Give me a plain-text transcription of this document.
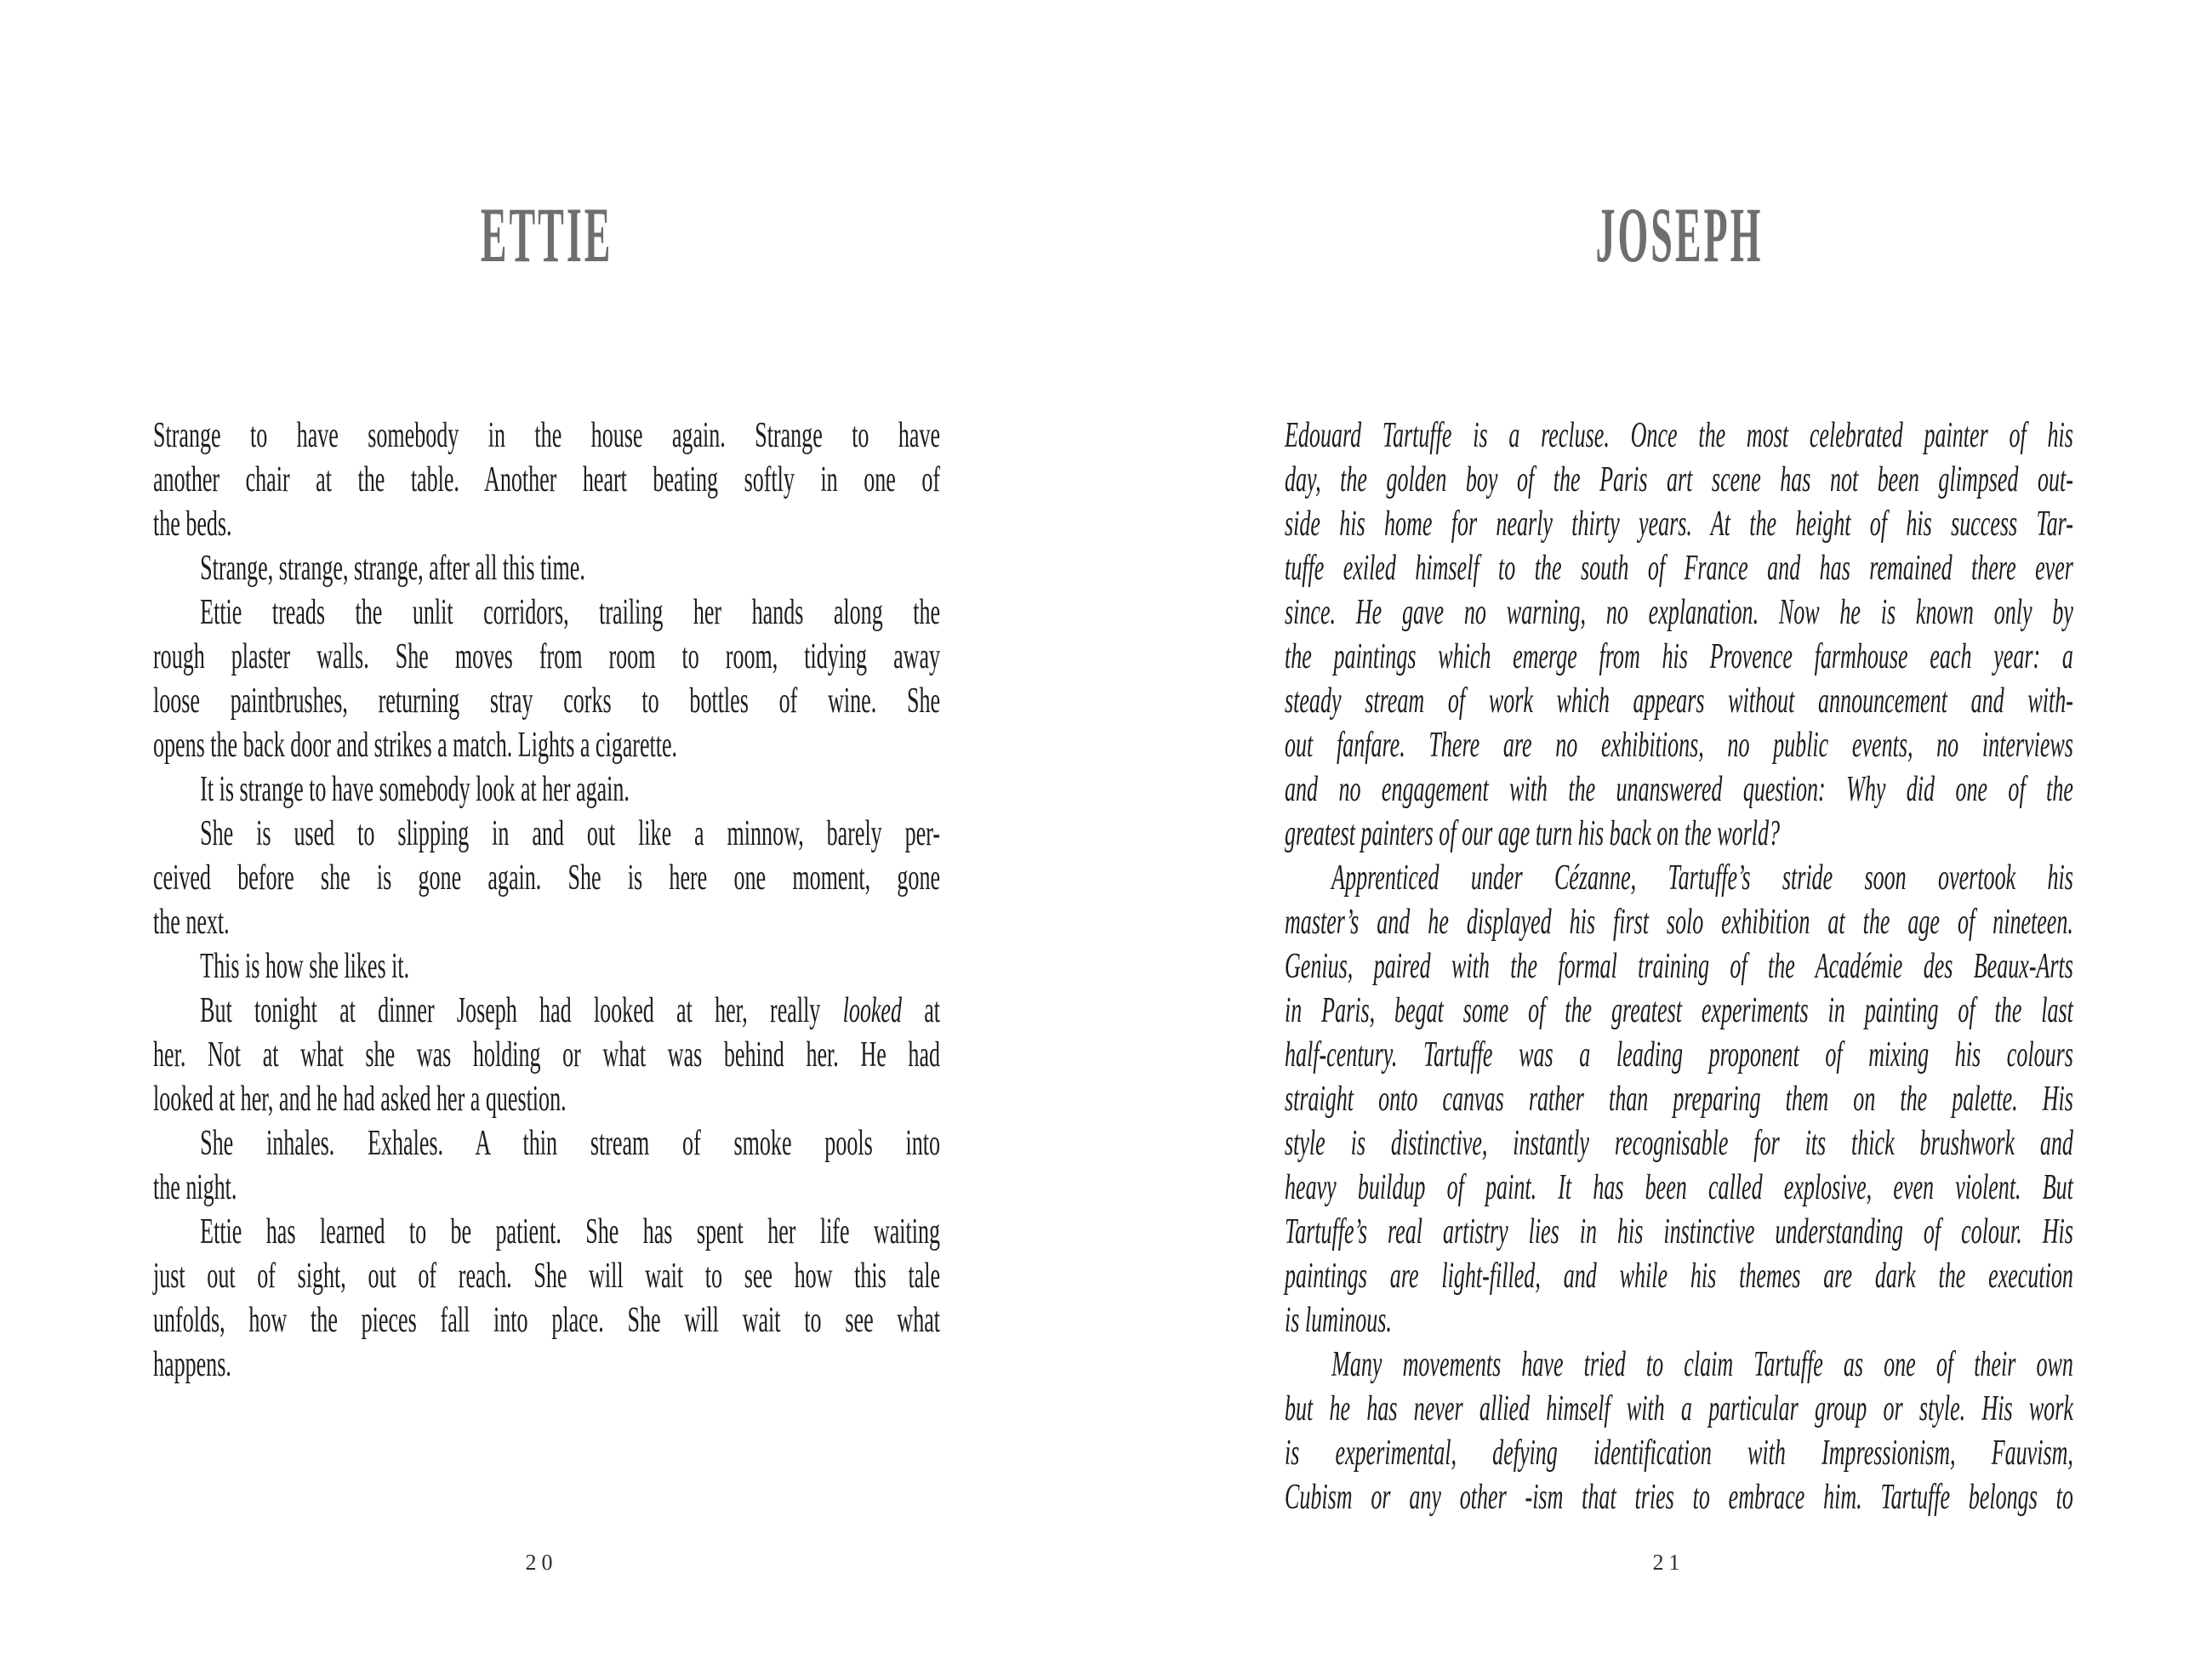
ETTIE
Strange to have somebody in the house again. Strange to have
another chair at the table. Another heart beating softly in one of
the beds.
Strange, strange, strange, after all this time.
Ettie treads the unlit corridors, trailing her hands along the
rough plaster walls. She moves from room to room, tidying away
loose paintbrushes, returning stray corks to bottles of wine. She
opens the back door and strikes a match. Lights a cigarette.
It is strange to have somebody look at her again.
She is used to slipping in and out like a minnow, barely per-
ceived before she is gone again. She is here one moment, gone
the next.
This is how she likes it.
But tonight at dinner Joseph had looked at her, really looked at
her. Not at what she was holding or what was behind her. He had
looked at her, and he had asked her a question.
She inhales. Exhales. A thin stream of smoke pools into
the night.
Ettie has learned to be patient. She has spent her life waiting
just out of sight, out of reach. She will wait to see how this tale
unfolds, how the pieces fall into place. She will wait to see what
happens.
20
JOSEPH
Edouard Tartuffe is a recluse. Once the most celebrated painter of his
day, the golden boy of the Paris art scene has not been glimpsed out-
side his home for nearly thirty years. At the height of his success Tar-
tuffe exiled himself to the south of France and has remained there ever
since. He gave no warning, no explanation. Now he is known only by
the paintings which emerge from his Provence farmhouse each year: a
steady stream of work which appears without announcement and with-
out fanfare. There are no exhibitions, no public events, no interviews
and no engagement with the unanswered question: Why did one of the
greatest painters of our age turn his back on the world?
Apprenticed under Cézanne, Tartuffe’s stride soon overtook his
master’s and he displayed his first solo exhibition at the age of nineteen.
Genius, paired with the formal training of the Académie des Beaux-Arts
in Paris, begat some of the greatest experiments in painting of the last
half-century. Tartuffe was a leading proponent of mixing his colours
straight onto canvas rather than preparing them on the palette. His
style is distinctive, instantly recognisable for its thick brushwork and
heavy buildup of paint. It has been called explosive, even violent. But
Tartuffe’s real artistry lies in his instinctive understanding of colour. His
paintings are light-filled, and while his themes are dark the execution
is luminous.
Many movements have tried to claim Tartuffe as one of their own
but he has never allied himself with a particular group or style. His work
is experimental, defying identification with Impressionism, Fauvism,
Cubism or any other -ism that tries to embrace him. Tartuffe belongs to
21
